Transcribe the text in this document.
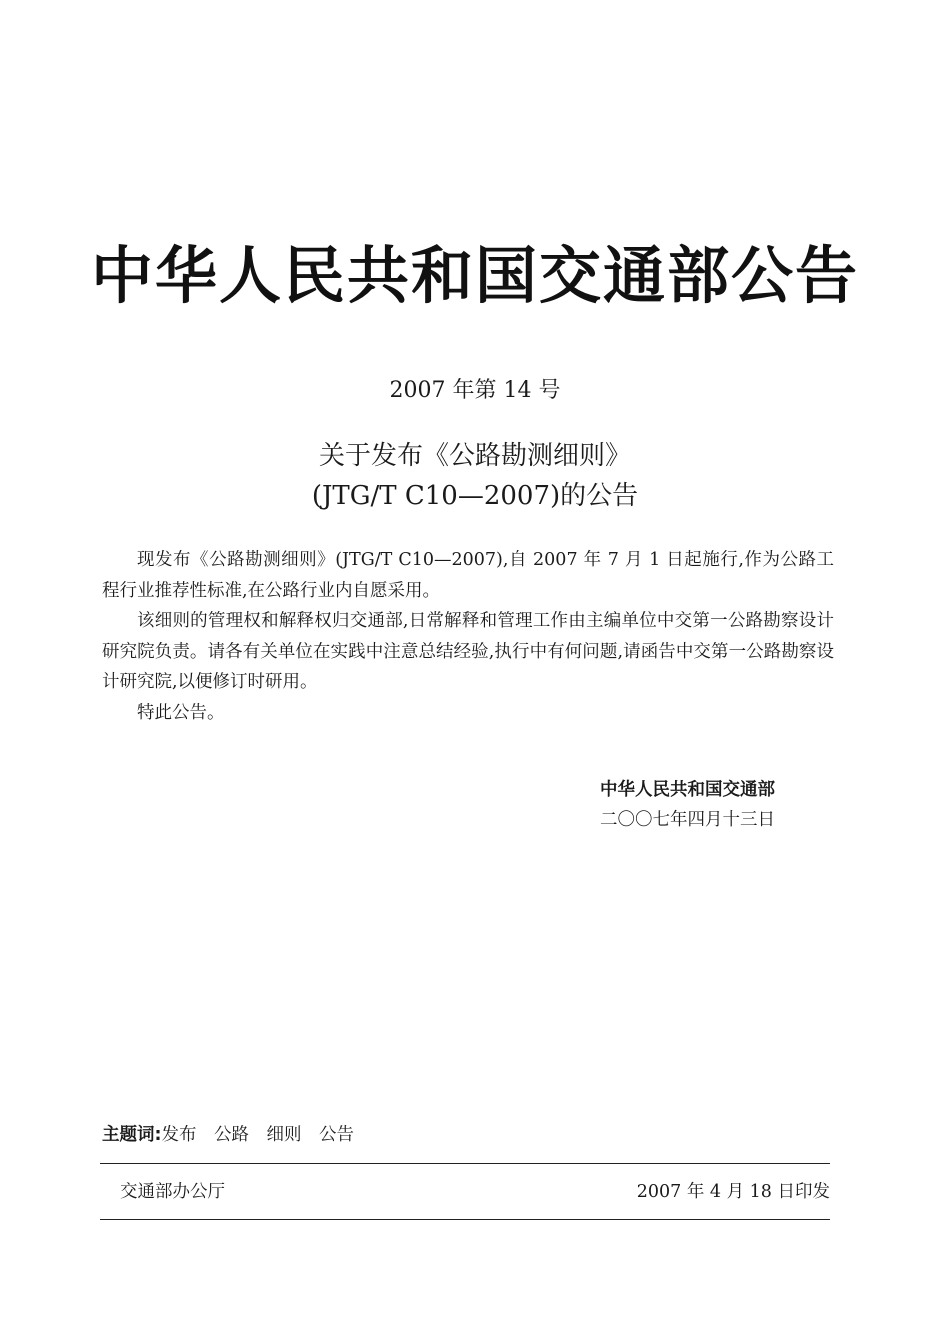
中华人民共和国交通部公告
2007 年第 14 号
关于发布《公路勘测细则》
(JTG/T C10—2007)的公告

现发布《公路勘测细则》(JTG/T C10—2007),自 2007 年 7 月 1 日起施行,作为公路工程行业推荐性标准,在公路行业内自愿采用。

该细则的管理权和解释权归交通部,日常解释和管理工作由主编单位中交第一公路勘察设计研究院负责。请各有关单位在实践中注意总结经验,执行中有何问题,请函告中交第一公路勘察设计研究院,以便修订时研用。

特此公告。

中华人民共和国交通部
二〇〇七年四月十三日
主题词:发布　公路　细则　公告
交通部办公厅	2007 年 4 月 18 日印发
